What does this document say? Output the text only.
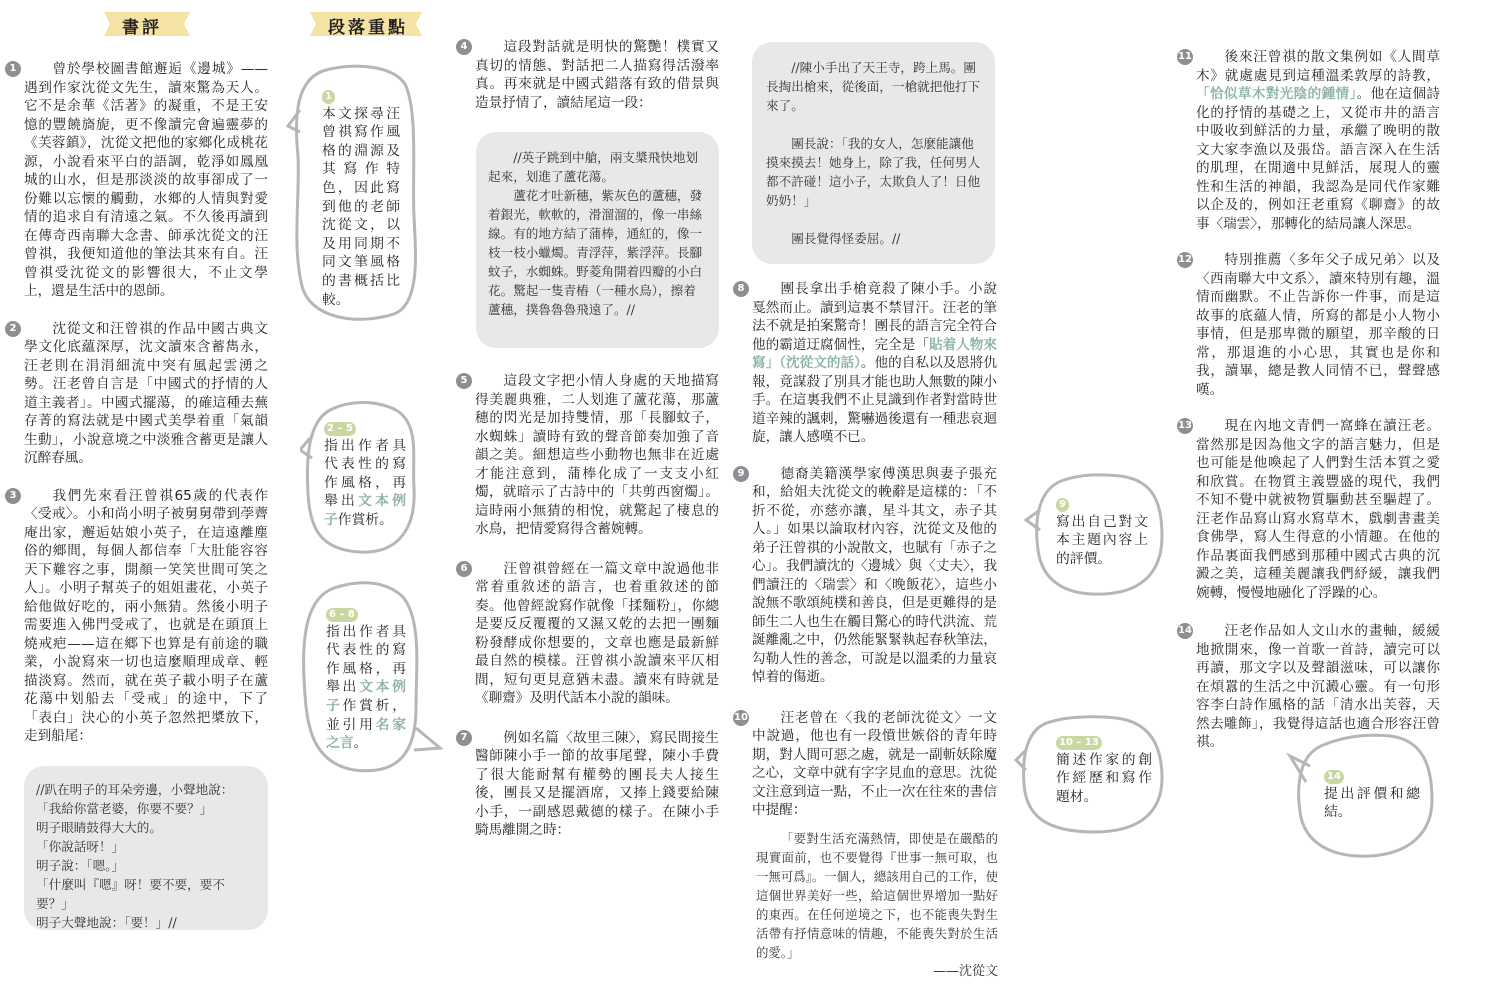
書評	段落重點
1	曾於學校圖書館邂逅《邊城》——遇到作家沈從文先生，讀來驚為天人。它不是余華《活著》的凝重，不是王安憶的豐饒旖旎，更不像讀完會遍靈夢的《芙蓉鎮》，沈從文把他的家鄉化成桃花源，小說看來平白的語調，乾淨如鳳凰城的山水，但是那淡淡的故事卻成了一份難以忘懷的觸動，水鄉的人情與對愛情的追求自有清遠之氣。不久後再讀到在傳奇西南聯大念書、師承沈從文的汪曾祺，我便知道他的筆法其來有自。汪曾祺受沈從文的影響很大，不止文學上，還是生活中的恩師。

2	沈從文和汪曾祺的作品中國古典文學文化底蘊深厚，沈文讀來含蓄雋永，汪老則在涓涓細流中突有風起雲湧之勢。汪老曾自言是「中國式的抒情的人道主義者」。中國式擺蕩，的確這種去蕪存菁的寫法就是中國式美學着重「氣韻生動」，小說意境之中淡雅含蓄更是讓人沉醉春風。

3	我們先來看汪曾祺65歲的代表作〈受戒〉。小和尚小明子被舅舅帶到荸薺庵出家，邂逅姑娘小英子，在這遠離塵俗的鄉間，每個人都信奉「大肚能容容天下難容之事，開顏一笑笑世間可笑之人」。小明子幫英子的姐姐畫花，小英子給他做好吃的，兩小無猜。然後小明子需要進入佛門受戒了，也就是在頭頂上燒戒疤——這在鄉下也算是有前途的職業，小說寫來一切也這麼順理成章、輕描淡寫。然而，就在英子載小明子在蘆花蕩中划船去「受戒」的途中，下了「表白」決心的小英子忽然把槳放下，走到船尾：

//趴在明子的耳朵旁邊，小聲地說：

「我給你當老婆，你要不要？」

明子眼睛鼓得大大的。

「你說話呀！」

明子說：「嗯。」

「什麼叫『嗯』呀！要不要，要不要？」

明子大聲地說：「要！」//

1
本文探尋汪曾祺寫作風格的淵源及其寫作特色，因此寫到他的老師沈從文，以及用同期不同文筆風格的書概括比較。
2 – 5
指出作者具代表性的寫作風格，再舉出文本例子作賞析。
6 – 8
指出作者具代表性的寫作風格，再舉出文本例子作賞析，並引用名家之言。
4	這段對話就是明快的驚艷！樸實又真切的情態、對話把二人描寫得活潑率真。再來就是中國式錯落有致的借景與造景抒情了，讀結尾這一段：

//英子跳到中艙，兩支槳飛快地划起來，划進了蘆花蕩。

蘆花才吐新穗，紫灰色的蘆穗，發着銀光，軟軟的，滑溜溜的，像一串絲線。有的地方結了蒲棒，通紅的，像一枝一枝小蠟燭。青浮萍，紫浮萍。長腳蚊子，水蜘蛛。野菱角開着四瓣的小白花。驚起一隻青樁（一種水鳥），擦着蘆穗，撲魯魯魯飛遠了。//

5	這段文字把小情人身處的天地描寫得美麗典雅，二人划進了蘆花蕩，那蘆穗的閃光是加持雙情，那「長腳蚊子，水蜘蛛」讀時有致的聲音節奏加強了音韻之美。細想這些小動物也無非在近處才能注意到，蒲棒化成了一支支小紅燭，就暗示了古詩中的「共剪西窗燭」。這時兩小無猜的相悅，就驚起了棲息的水鳥，把情愛寫得含蓄婉轉。

6	汪曾祺曾經在一篇文章中說過他非常着重敘述的語言，也着重敘述的節奏。他曾經說寫作就像「揉麵粉」，你總是要反反覆覆的又濕又乾的去把一團麵粉發酵成你想要的，文章也應是最新鮮最自然的模樣。汪曾祺小說讀來平仄相間，短句更見意猶未盡。讀來有時就是《聊齋》及明代話本小說的韻味。

7	例如名篇〈故里三陳〉，寫民間接生醫師陳小手一節的故事尾聲，陳小手費了很大能耐幫有權勢的團長夫人接生後，團長又是擺酒席，又捧上錢要給陳小手，一副感恩戴德的樣子。在陳小手騎馬離開之時：

//陳小手出了天王寺，跨上馬。團長掏出槍來，從後面，一槍就把他打下來了。

團長說：「我的女人，怎麼能讓他摸來摸去！她身上，除了我，任何男人都不許碰！這小子，太欺負人了！日他奶奶！」

團長覺得怪委屈。//

8	團長拿出手槍竟殺了陳小手。小說戛然而止。讀到這裏不禁冒汗。汪老的筆法不就是拍案驚奇！團長的語言完全符合他的霸道迂腐個性，完全是「貼着人物來寫」（沈從文的話）。他的自私以及恩將仇報，竟謀殺了別具才能也助人無數的陳小手。在這裏我們不止見識到作者對當時世道辛辣的諷刺，驚嚇過後還有一種悲哀迴旋，讓人感嘆不已。

9	德裔美籍漢學家傅漢思與妻子張充和，給姐夫沈從文的輓辭是這樣的：「不折不從，亦慈亦讓，星斗其文，赤子其人。」如果以論取材內容，沈從文及他的弟子汪曾祺的小說散文，也賦有「赤子之心」。我們讀沈的〈邊城〉與〈丈夫〉，我們讀汪的〈瑞雲〉和〈晚飯花〉，這些小說無不歌頌純樸和善良，但是更難得的是師生二人也生在觸目驚心的時代洪流、荒誕離亂之中，仍然能緊緊執起春秋筆法，勾勒人性的善念，可說是以溫柔的力量哀悼着的傷逝。

10	汪老曾在〈我的老師沈從文〉一文中說過，他也有一段憤世嫉俗的青年時期，對人間可惡之處，就是一副斬妖除魔之心，文章中就有字字見血的意思。沈從文注意到這一點，不止一次在往來的書信中提醒：

「要對生活充滿熱情，即使是在嚴酷的現實面前，也不要覺得『世事一無可取，也一無可爲』。一個人，總該用自己的工作，使這個世界美好一些，給這個世界增加一點好的東西。在任何逆境之下，也不能喪失對生活帶有抒情意味的情趣，不能喪失對於生活的愛。」

——沈從文
9
寫出自己對文本主題內容上的評價。
10 – 13
簡述作家的創作經歷和寫作題材。
11	後來汪曾祺的散文集例如《人間草木》就處處見到這種溫柔敦厚的詩教，「恰似草木對光陰的鍾情」。他在這個詩化的抒情的基礎之上，又從市井的語言中吸收到鮮活的力量，承繼了晚明的散文大家李漁以及張岱。語言深入在生活的肌理，在閒適中見鮮活，展現人的靈性和生活的神韻，我認為是同代作家難以企及的，例如汪老重寫《聊齋》的故事〈瑞雲〉，那轉化的結局讓人深思。

12	特別推薦〈多年父子成兄弟〉以及〈西南聯大中文系〉，讀來特別有趣，溫情而幽默。不止告訴你一件事，而是這故事的底蘊人情，所寫的都是小人物小事情，但是那卑微的願望，那辛酸的日常，那退進的小心思，其實也是你和我，讀畢，總是教人同情不已，聲聲感嘆。

13	現在內地文青們一窩蜂在讀汪老。當然那是因為他文字的語言魅力，但是也可能是他喚起了人們對生活本質之愛和欣賞。在物質主義豐盛的現代，我們不知不覺中就被物質驅動甚至驅趕了。汪老作品寫山寫水寫草木，戲劇書畫美食佛學，寫人生得意的小情趣。在他的作品裏面我們感到那種中國式古典的沉澱之美，這種美麗讓我們紓緩，讓我們婉轉，慢慢地融化了浮躁的心。

14	汪老作品如人文山水的畫軸，緩緩地掀開來，像一首歌一首詩，讀完可以再讀，那文字以及聲韻滋味，可以讓你在煩囂的生活之中沉澱心靈。有一句形容李白詩作風格的話「清水出芙蓉，天然去雕飾」，我覺得這話也適合形容汪曾祺。

14
提出評價和總結。
